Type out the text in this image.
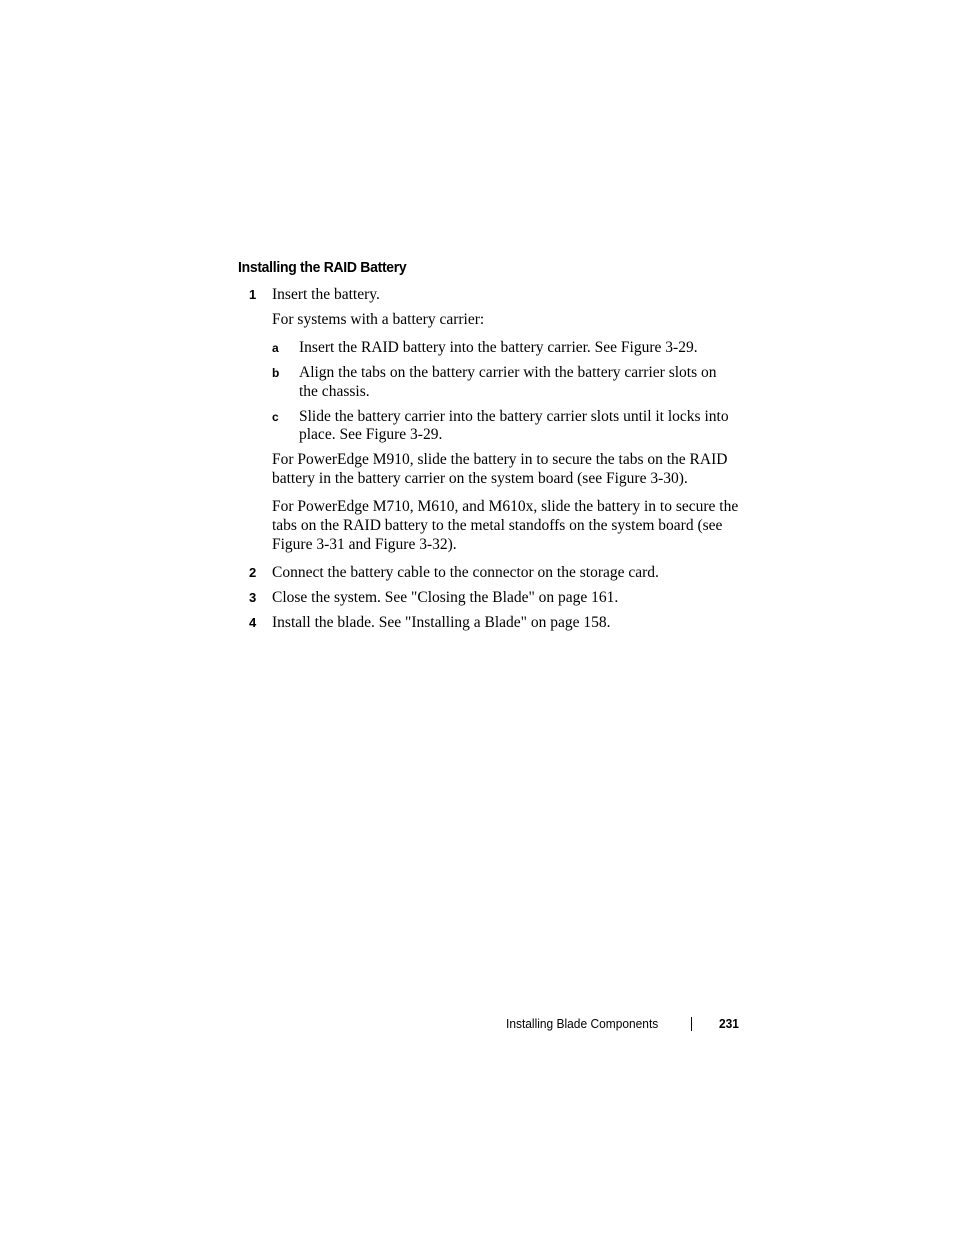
Installing the RAID Battery
1 Insert the battery.
For systems with a battery carrier:
a Insert the RAID battery into the battery carrier. See Figure 3-29.
b Align the tabs on the battery carrier with the battery carrier slots on
the chassis.
c Slide the battery carrier into the battery carrier slots until it locks into
place. See Figure 3-29.
For PowerEdge M910, slide the battery in to secure the tabs on the RAID
battery in the battery carrier on the system board (see Figure 3-30).
For PowerEdge M710, M610, and M610x, slide the battery in to secure the
tabs on the RAID battery to the metal standoffs on the system board (see
Figure 3-31 and Figure 3-32).
2 Connect the battery cable to the connector on the storage card.
3 Close the system. See "Closing the Blade" on page 161.
4 Install the blade. See "Installing a Blade" on page 158.
Installing Blade Components	231
